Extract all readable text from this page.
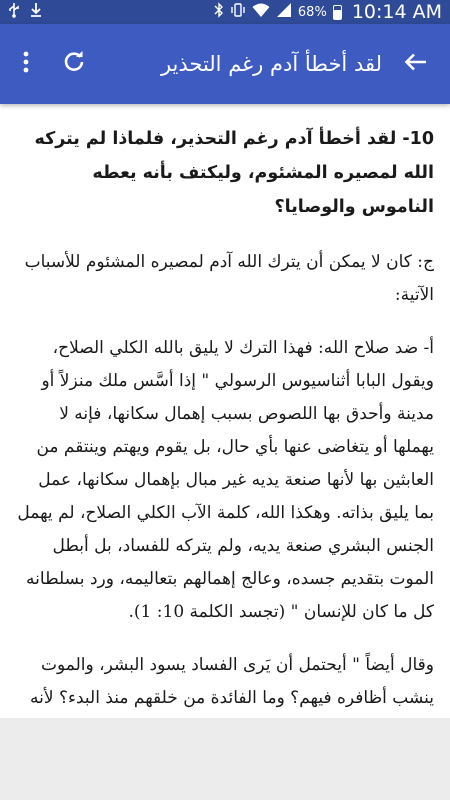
68% 10:14 AM
لقد أخطأ آدم رغم التحذير

10- لقد أخطأ آدم رغم التحذير، فلماذا لم يتركه الله لمصيره المشئوم، وليكتف بأنه يعطه الناموس والوصايا؟

ج: كان لا يمكن أن يترك الله آدم لمصيره المشئوم للأسباب الآتية:

أ- ضد صلاح الله: فهذا الترك لا يليق بالله الكلي الصلاح، ويقول البابا أثناسيوس الرسولي " إذا أسَّس ملك منزلاً أو مدينة وأحدق بها اللصوص بسبب إهمال سكانها، فإنه لا يهملها أو يتغاضى عنها بأي حال، بل يقوم ويهتم وينتقم من العابثين بها لأنها صنعة يديه غير مبال بإهمال سكانها، عمل بما يليق بذاته. وهكذا الله، كلمة الآب الكلي الصلاح، لم يهمل الجنس البشري صنعة يديه، ولم يتركه للفساد، بل أبطل الموت بتقديم جسده، وعالج إهمالهم بتعاليمه، ورد بسلطانه كل ما كان للإنسان " (تجسد الكلمة 10: 1).

وقال أيضاً " أيحتمل أن يَرى الفساد يسود البشر، والموت ينشب أظافره فيهم؟ وما الفائدة من خلقهم منذ البدء؟ لأنه
